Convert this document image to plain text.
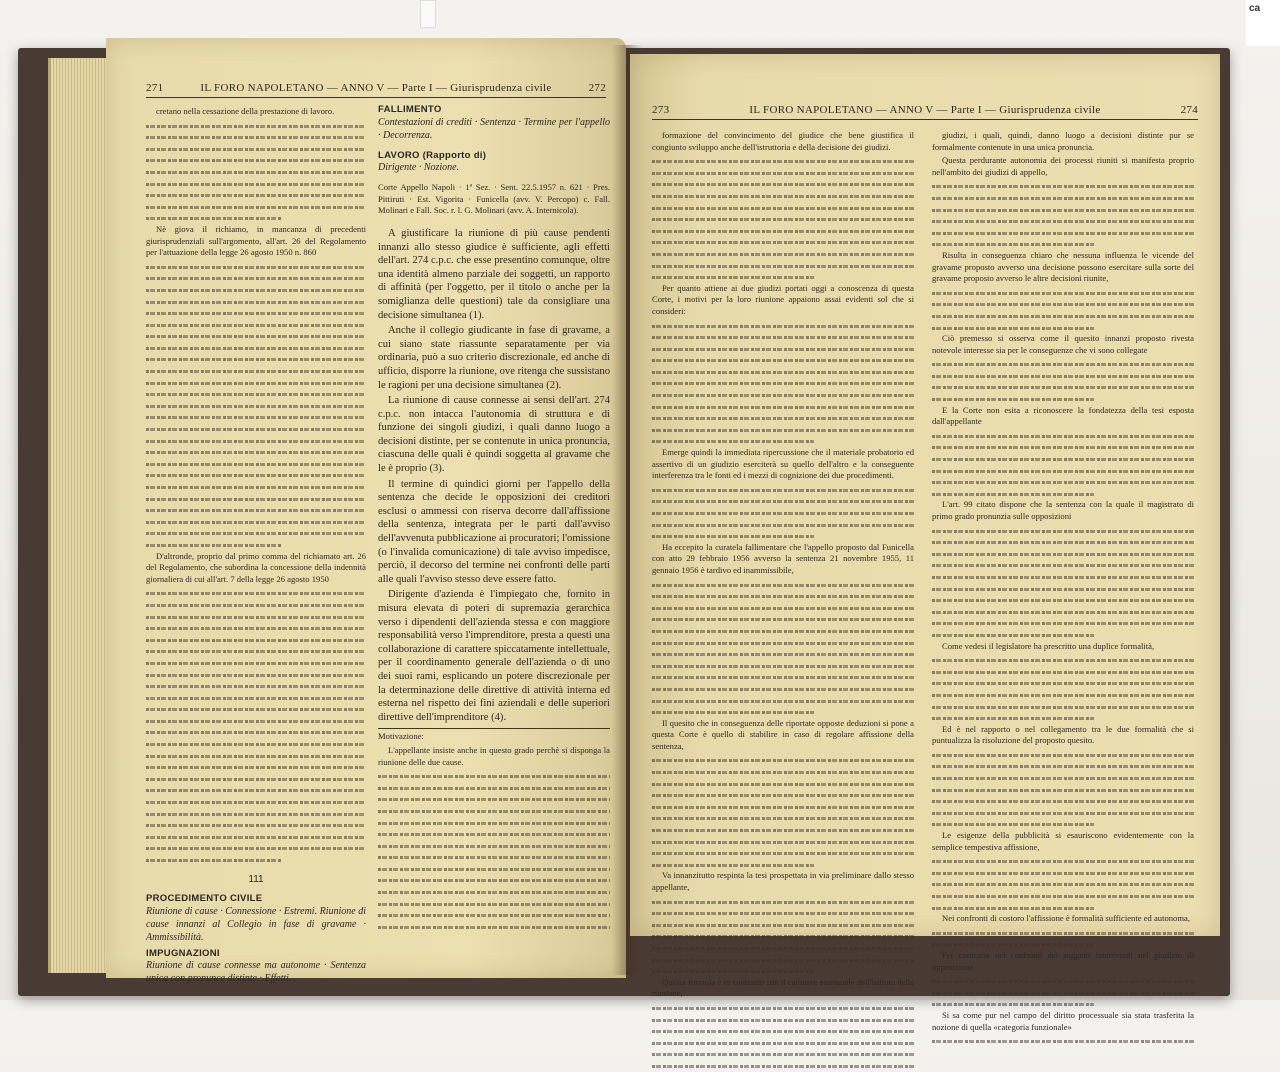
ca
271	IL FORO NAPOLETANO — ANNO V — Parte I — Giurisprudenza civile	272

cretano nella cessazione della prestazione di lavoro.

Nè giova il richiamo, in mancanza di precedenti giurisprudenziali sull'argomento, all'art. 26 del Regolamento per l'attuazione della legge 26 agosto 1950 n. 860

D'altronde, proprio dal primo comma del richiamato art. 26 del Regolamento, che subordina la concessione della indennità giornaliera di cui all'art. 7 della legge 26 agosto 1950

111
PROCEDIMENTO CIVILE
Riunione di cause · Connessione · Estremi. Riunione di cause innanzi al Collegio in fase di gravame · Ammissibilità.
IMPUGNAZIONI
Riunione di cause connesse ma autonome · Sentenza unica con pronunce distinte · Effetti.
FALLIMENTO
Contestazioni di crediti · Sentenza · Termine per l'appello · Decorrenza.
LAVORO (Rapporto di)
Dirigente · Nozione.

Corte Appello Napoli · 1ª Sez. · Sent. 22.5.1957 n. 621 · Pres. Pittiruti · Est. Vigorita · Funicella (avv. V. Percopo) c. Fall. Molinari e Fall. Soc. r. l. G. Molinari (avv. A. Internicola).

A giustificare la riunione di più cause pendenti innanzi allo stesso giudice è sufficiente, agli effetti dell'art. 274 c.p.c. che esse presentino comunque, oltre una identità almeno parziale dei soggetti, un rapporto di affinità (per l'oggetto, per il titolo o anche per la somiglianza delle questioni) tale da consigliare una decisione simultanea (1).

Anche il collegio giudicante in fase di gravame, a cui siano state riassunte separatamente per via ordinaria, può a suo criterio discrezionale, ed anche di ufficio, disporre la riunione, ove ritenga che sussistano le ragioni per una decisione simultanea (2).

La riunione di cause connesse ai sensi dell'art. 274 c.p.c. non intacca l'autonomia di struttura e di funzione dei singoli giudizi, i quali danno luogo a decisioni distinte, per se contenute in unica pronuncia, ciascuna delle quali è quindi soggetta al gravame che le è proprio (3).

Il termine di quindici giorni per l'appello della sentenza che decide le opposizioni dei creditori esclusi o ammessi con riserva decorre dall'affissione della sentenza, integrata per le parti dall'avviso dell'avvenuta pubblicazione ai procuratori; l'omissione (o l'invalida comunicazione) di tale avviso impedisce, perciò, il decorso del termine nei confronti delle parti alle quali l'avviso stesso deve essere fatto.

Dirigente d'azienda è l'impiegato che, fornito in misura elevata di poteri di supremazia gerarchica verso i dipendenti dell'azienda stessa e con maggiore responsabilità verso l'imprenditore, presta a questi una collaborazione di carattere spiccatamente intellettuale, per il coordinamento generale dell'azienda o di uno dei suoi rami, esplicando un potere discrezionale per la determinazione delle direttive di attività interna ed esterna nel rispetto dei fini aziendali e delle superiori direttive dell'imprenditore (4).

Motivazione:

L'appellante insiste anche in questo grado perchè si disponga la riunione delle due cause.

273	IL FORO NAPOLETANO — ANNO V — Parte I — Giurisprudenza civile	274

formazione del convincimento del giudice che bene giustifica il congiunto sviluppo anche dell'istruttoria e della decisione dei giudizi.

Per quanto attiene ai due giudizi portati oggi a conoscenza di questa Corte, i motivi per la loro riunione appaiono assai evidenti sol che si consideri:

Emerge quindi la immediata ripercussione che il materiale probatorio ed assertivo di un giudizio eserciterà su quello dell'altro e la conseguente interferenza tra le fonti ed i mezzi di cognizione dei due procedimenti.

Ha eccepito la curatela fallimentare che l'appello proposto dal Funicella con atto 29 febbraio 1956 avverso la sentenza 21 novembre 1955, 11 gennaio 1956 è tardivo ed inammissibile,

Il quesito che in conseguenza delle riportate opposte deduzioni si pone a questa Corte è quello di stabilire in caso di regolare affissione della sentenza,

Va innanzitutto respinta la tesi prospettata in via preliminare dallo stesso appellante,

Questa formula è in contrasto con il carattere essenziale dell'istituto della riunione,

giudizi, i quali, quindi, danno luogo a decisioni distinte pur se formalmente contenute in una unica pronuncia.

Questa perdurante autonomia dei processi riuniti si manifesta proprio nell'ambito dei giudizi di appello,

Risulta in conseguenza chiaro che nessuna influenza le vicende del gravame proposto avverso una decisione possono esercitare sulla sorte del gravame proposto avverso le altre decisioni riunite,

Ciò premesso si osserva come il quesito innanzi proposto rivesta notevole interesse sia per le conseguenze che vi sono collegate

E la Corte non esita a riconoscere la fondatezza della tesi esposta dall'appellante

L'art. 99 citato dispone che la sentenza con la quale il magistrato di primo grado pronunzia sulle opposizioni

Come vedesi il legislatore ha prescritto una duplice formalità,

Ed è nel rapporto o nel collegamento tra le due formalità che si puntualizza la risoluzione del proposto quesito.

Le esigenze della pubblicità si esauriscono evidentemente con la semplice tempestiva affissione,

Nei confronti di costoro l'affissione è formalità sufficiente ed autonoma,

Per contrario nei confronti dei soggetti intervenuti nel giudizio di opposizione

Si sa come pur nel campo del diritto processuale sia stata trasferita la nozione di quella «categoria funzionale»
